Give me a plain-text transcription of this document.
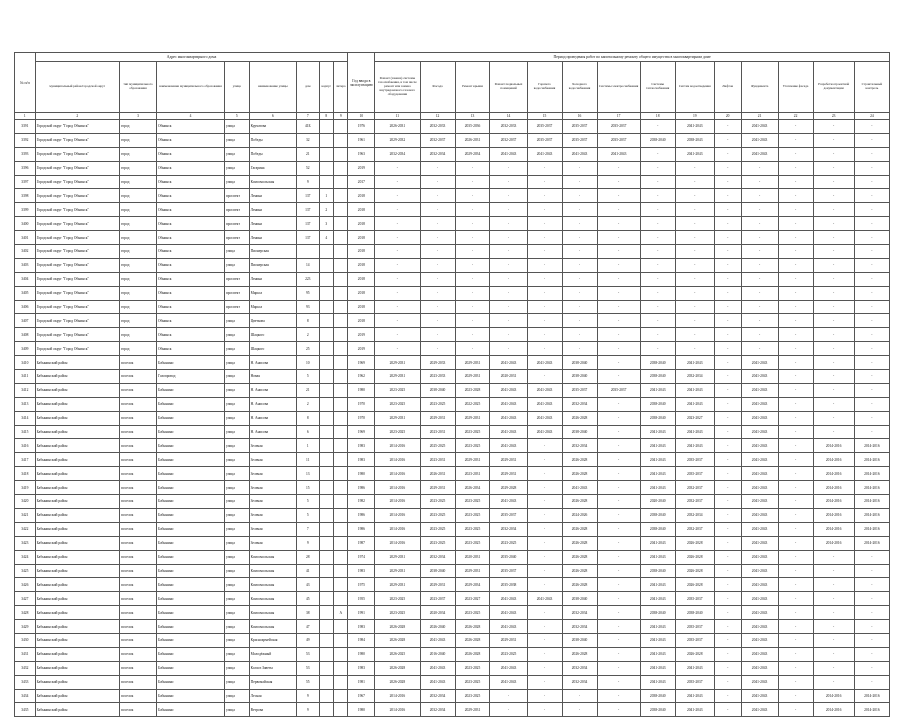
№ п/п	Адрес многоквартирного дома								Год ввода в эксплуатацию	Период проведения работ по капитальному ремонту общего имущества в многоквартирном доме													
	муниципальный район/городской округ	тип муниципального образования	наименование муниципального образования	улица	наименование улицы	дом	корпус	литера		Ремонт (замена) системы газоснабжения, в том числе ремонт или замена внутридомового газового оборудования	Фасада	Ремонт крыши	Ремонт подвальных помещений	Горячего водоснабжения	Холодного водоснабжения	Системы электроснабжения	Системы теплоснабжения	Систем водоотведения	Лифтов	Фундамента	Утепление фасада	Разработка проектной документации	Строительный контроль
1	2	3	4	5	6	7	8	9	10	11	12	13	14	15	16	17	18	19	20	21	22	23	24
3391	Городской округ "Город Обнинск"	город	Обнинск	улица	Курчатова	41Б			1976	2026-2031	2032-2033	2035-2036	2032-2033	2035-2037	2035-2037	2035-2037	-	2041-2043	-	2041-2043	-	-	-
3392	Городской округ "Город Обнинск"	город	Обнинск	улица	Победы	32			1961	2029-2032	2032-2037	2026-2031	2032-2037	2035-2037	2035-2037	2035-2037	2038-2040	2038-2043	-	2041-2043	-	-	-
3393	Городской округ "Город Обнинск"	город	Обнинск	улица	Победы	21			1963	2032-2034	2032-2034	2029-2034	2041-2043	2041-2043	2041-2043	2041-2043	-	2041-2043	-	2041-2043	-	-	-
3396	Городской округ "Город Обнинск"	город	Обнинск	улица	Гагарина	52			2019	-	-	-	-	-	-	-	-	-	-	-	-	-	-
3397	Городской округ "Город Обнинск"	город	Обнинск	улица	Комсомольская	9			2017	-	-	-	-	-	-	-	-	-	-	-	-	-	-
3398	Городской округ "Город Обнинск"	город	Обнинск	проспект	Ленина	137	1		2018	-	-	-	-	-	-	-	-	-	-	-	-	-	-
3399	Городской округ "Город Обнинск"	город	Обнинск	проспект	Ленина	137	2		2018	-	-	-	-	-	-	-	-	-	-	-	-	-	-
3400	Городской округ "Город Обнинск"	город	Обнинск	проспект	Ленина	137	3		2018	-	-	-	-	-	-	-	-	-	-	-	-	-	-
3401	Городской округ "Город Обнинск"	город	Обнинск	проспект	Ленина	137	4		2018	-	-	-	-	-	-	-	-	-	-	-	-	-	-
3402	Городской округ "Город Обнинск"	город	Обнинск	улица	Пионерская				2018	-	-	-	-	-	-	-	-	-	-	-	-	-	-
3403	Городской округ "Город Обнинск"	город	Обнинск	улица	Пионерская	14			2018	-	-	-	-	-	-	-	-	-	-	-	-	-	-
3404	Городской округ "Город Обнинск"	город	Обнинск	проспект	Ленина	223			2018	-	-	-	-	-	-	-	-	-	-	-	-	-	-
3405	Городской округ "Город Обнинск"	город	Обнинск	проспект	Маркса	95			2018	-	-	-	-	-	-	-	-	-	-	-	-	-	-
3406	Городской округ "Город Обнинск"	город	Обнинск	проспект	Маркса	93			2018	-	-	-	-	-	-	-	-	-	-	-	-	-	-
3407	Городской округ "Город Обнинск"	город	Обнинск	улица	Цветкова	8			2018	-	-	-	-	-	-	-	-	-	-	-	-	-	-
3408	Городской округ "Город Обнинск"	город	Обнинск	улица	Шацкого	2			2019	-	-	-	-	-	-	-	-	-	-	-	-	-	-
3409	Городской округ "Город Обнинск"	город	Обнинск	улица	Шацкого	25			2019	-	-	-	-	-	-	-	-	-	-	-	-	-	-
3410	Бабынинский район	поселок	Бабынино	улица	Н. Анисова	10			1969	2029-2031	2029-2033	2029-2031	2041-2043	2041-2043	2038-2040	-	2038-2040	2041-2043	-	2041-2043	-	-	-
3411	Бабынинский район	поселок	Газопровод	улица	Новая	5			1962	2029-2031	2023-2033	2029-2031	2020-2031	-	2038-2040	-	2038-2040	2032-2034	-	2041-2043	-	-	-
3412	Бабынинский район	поселок	Бабынино	улица	Н. Анисова	21			1980	2023-2025	2038-2040	2023-2028	2041-2043	2041-2043	2035-2037	2035-2037	2041-2043	2041-2043	-	2041-2043	-	-	-
3413	Бабынинский район	поселок	Бабынино	улица	Н. Анисова	2			1970	2023-2025	2023-2025	2022-2025	2041-2043	2041-2043	2032-2034	-	2038-2040	2041-2043	-	2041-2043	-	-	-
3414	Бабынинский район	поселок	Бабынино	улица	Н. Анисова	8			1970	2029-2031	2029-2031	2029-2031	2041-2043	2041-2043	2026-2028	-	2038-2040	2023-2027	-	2041-2043	-	-	-
3415	Бабынинский район	поселок	Бабынино	улица	Н. Анисова	6			1969	2023-2025	2023-2031	2023-2025	2041-2043	2041-2043	2038-2040	-	2041-2043	2041-2043	-	2041-2043	-	-	-
3416	Бабынинский район	поселок	Бабынино	улица	Зеленая	1			1983	2014-2016	2025-2025	2023-2025	2041-2043	-	2032-2034	-	2041-2043	2041-2043	-	2041-2043	-	2014-2016	2014-2016
3417	Бабынинский район	поселок	Бабынино	улица	Зеленая	11			1983	2014-2016	2023-2031	2029-2031	2029-2031	-	2026-2028	-	2041-2043	2035-2037	-	2041-2043	-	2014-2016	2014-2016
3418	Бабынинский район	поселок	Бабынино	улица	Зеленая	13			1980	2014-2016	2026-2031	2023-2031	2029-2031	-	2026-2028	-	2041-2043	2035-2037	-	2041-2043	-	2014-2016	2014-2016
3419	Бабынинский район	поселок	Бабынино	улица	Зеленая	15			1986	2014-2016	2029-2031	2026-2034	2029-2028	-	2041-2043	-	2041-2043	2032-2037	-	2041-2043	-	2014-2016	2014-2016
3420	Бабынинский район	поселок	Бабынино	улица	Зеленая	5			1982	2014-2016	2023-2025	2023-2025	2041-2043	-	2026-2028	-	2020-2040	2032-2037	-	2041-2043	-	2014-2016	2014-2016
3421	Бабынинский район	поселок	Бабынино	улица	Зеленая	5			1986	2014-2016	2023-2025	2023-2025	2035-2037	-	2024-2026	-	2038-2040	2032-2034	-	2041-2043	-	2014-2016	2014-2016
3422	Бабынинский район	поселок	Бабынино	улица	Зеленая	7			1986	2014-2016	2023-2025	2023-2025	2032-2034	-	2026-2028	-	2038-2040	2032-2037	-	2041-2043	-	2014-2016	2014-2016
3423	Бабынинский район	поселок	Бабынино	улица	Зеленая	9			1987	2014-2016	2023-2025	2023-2025	2023-2025	-	2026-2028	-	2041-2043	2026-2028	-	2041-2043	-	2014-2016	2014-2016
3424	Бабынинский район	поселок	Бабынино	улица	Комсомольская	28			1974	2029-2031	2032-2034	2020-2031	2035-2040	-	2026-2028	-	2041-2043	2026-2028	-	2041-2043	-	-	-
3425	Бабынинский район	поселок	Бабынино	улица	Комсомольская	41			1983	2029-2031	2038-2040	2029-2031	2035-2037	-	2026-2028	-	2038-2040	2026-2028	-	2041-2043	-	-	-
3426	Бабынинский район	поселок	Бабынино	улица	Комсомольская	43			1975	2029-2031	2029-2031	2029-2034	2035-2038	-	2026-2028	-	2041-2043	2026-2028	-	2041-2043	-	-	-
3427	Бабынинский район	поселок	Бабынино	улица	Комсомольская	45			1955	2023-2025	2023-2037	2023-2027	2041-2043	2041-2043	2038-2040	-	2041-2043	2035-2037	-	2041-2043	-	-	-
3428	Бабынинский район	поселок	Бабынино	улица	Комсомольская	38		А	1991	2023-2025	2020-2034	2023-2025	2041-2043	-	2032-2034	-	2038-2040	2038-2040	-	2041-2043	-	-	-
3429	Бабынинский район	поселок	Бабынино	улица	Комсомольская	47			1983	2026-2028	2026-2040	2026-2028	2041-2043	-	2032-2034	-	2041-2043	2035-2037	-	2041-2043	-	-	-
3430	Бабынинский район	поселок	Бабынино	улица	Красноармейская	49			1984	2026-2028	2041-2043	2026-2028	2029-2031	-	2038-2040	-	2041-2043	2035-2037	-	2041-2043	-	-	-
3431	Бабынинский район	поселок	Бабынино	улица	Молодёжный	53			1980	2026-2025	2016-2040	2026-2028	2023-2025	-	2026-2028	-	2041-2043	2026-2028	-	2041-2043	-	-	-
3432	Бабынинский район	поселок	Бабынино	улица	Колхоз Заветы	53			1983	2026-2028	2041-2043	2023-2025	2041-2043	-	2032-2034	-	2041-2043	2041-2043	-	2041-2043	-	-	-
3433	Бабынинский район	поселок	Бабынино	улица	Первомайская	55			1981	2026-2028	2041-2043	2023-2025	2041-2043	-	2032-2034	-	2041-2043	2035-2037	-	2041-2043	-	-	-
3434	Бабынинский район	поселок	Бабынино	улица	Лесная	9			1967	2014-2016	2032-2034	2023-2025	-	-	-	-	2038-2040	2041-2043	-	2041-2043	-	2014-2016	2014-2016
3435	Бабынинский район	поселок	Бабынино	улица	Ветрова	9			1980	2014-2016	2032-2034	2029-2031	-	-	-	-	2038-2040	2041-2043	-	2041-2043	-	2014-2016	2014-2016
